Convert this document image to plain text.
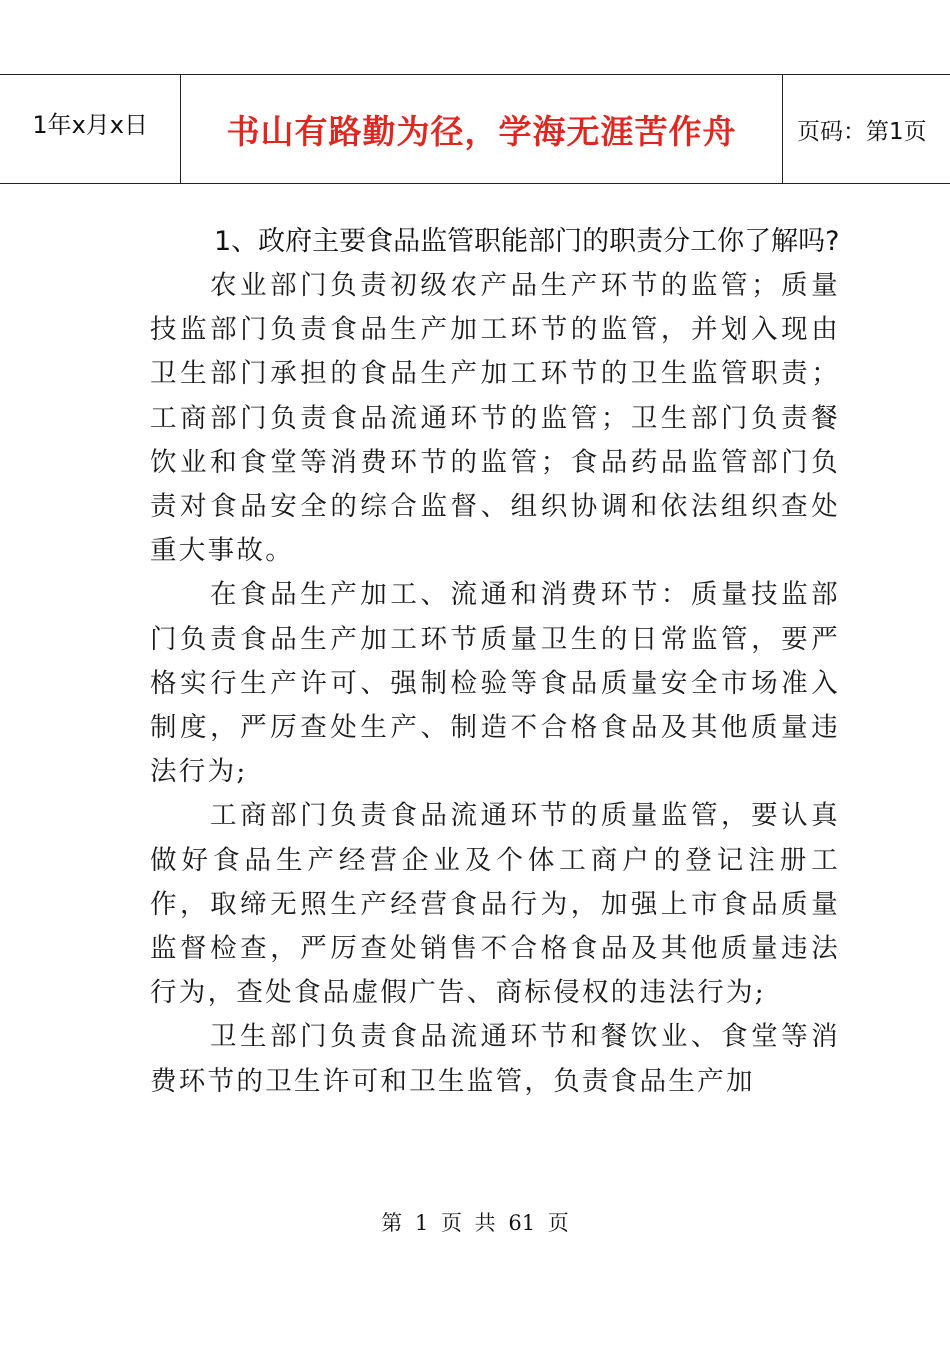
1年x月x日	书山有路勤为径，学海无涯苦作舟	页码：第1页
1、政府主要食品监管职能部门的职责分工你了解吗?

农业部门负责初级农产品生产环节的监管；质量技监部门负责食品生产加工环节的监管，并划入现由卫生部门承担的食品生产加工环节的卫生监管职责；工商部门负责食品流通环节的监管；卫生部门负责餐饮业和食堂等消费环节的监管；食品药品监管部门负责对食品安全的综合监督、组织协调和依法组织查处重大事故。

在食品生产加工、流通和消费环节：质量技监部门负责食品生产加工环节质量卫生的日常监管，要严格实行生产许可、强制检验等食品质量安全市场准入制度，严厉查处生产、制造不合格食品及其他质量违法行为;

工商部门负责食品流通环节的质量监管，要认真做好食品生产经营企业及个体工商户的登记注册工作，取缔无照生产经营食品行为，加强上市食品质量监督检查，严厉查处销售不合格食品及其他质量违法行为，查处食品虚假广告、商标侵权的违法行为;

卫生部门负责食品流通环节和餐饮业、食堂等消费环节的卫生许可和卫生监管，负责食品生产加

第 1 页 共 61 页
